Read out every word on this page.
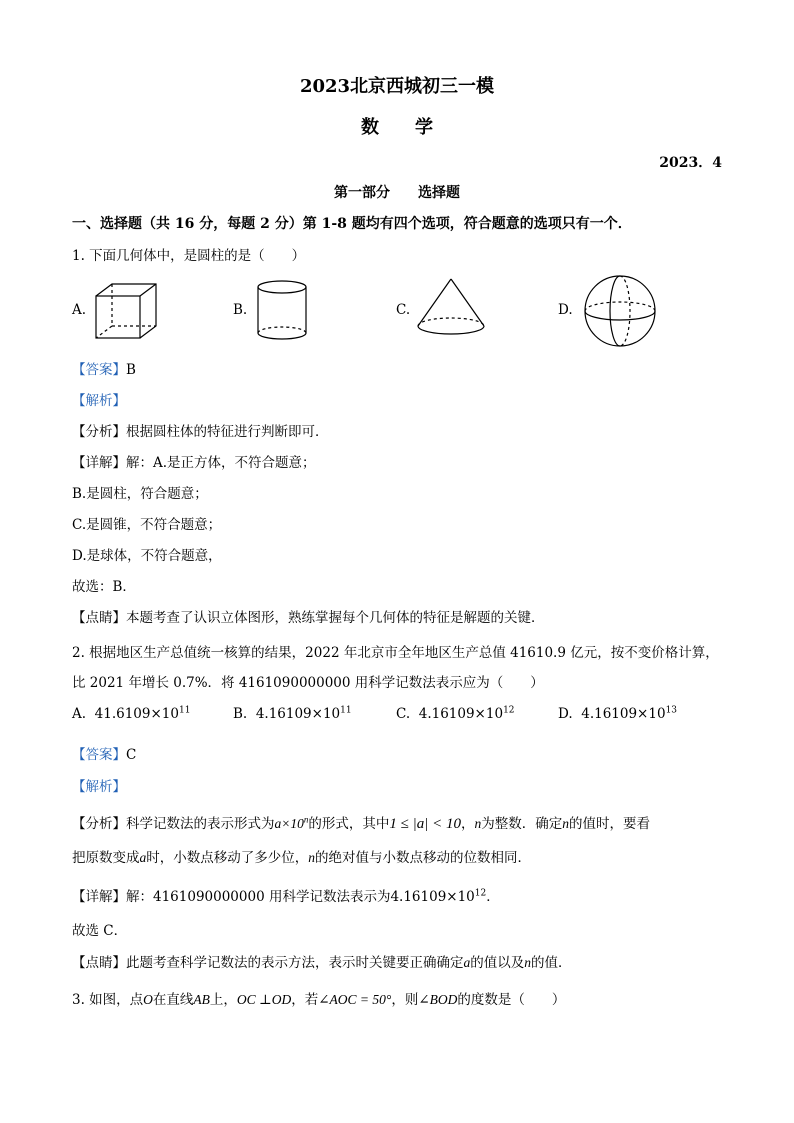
2023北京西城初三一模
数　　学
2023．4
第一部分　　选择题
一、选择题（共 16 分，每题 2 分）第 1-8 题均有四个选项，符合题意的选项只有一个．
1. 下面几何体中，是圆柱的是（　　）
A.	B.	C.	D.
【答案】B
【解析】
【分析】根据圆柱体的特征进行判断即可．
【详解】解：A.是正方体，不符合题意；
B.是圆柱，符合题意；
C.是圆锥，不符合题意；
D.是球体，不符合题意，
故选：B．
【点睛】本题考查了认识立体图形，熟练掌握每个几何体的特征是解题的关键．
2. 根据地区生产总值统一核算的结果，2022 年北京市全年地区生产总值 41610.9 亿元，按不变价格计算，
比 2021 年增长 0.7%．将 4161090000000 用科学记数法表示应为（　　）
A. $41.6109\times 10^{11}$	B. $4.16109\times 10^{11}$	C. $4.16109\times 10^{12}$	D. $4.16109\times 10^{13}$
【答案】C
【解析】
【分析】科学记数法的表示形式为$a\times 10^n$的形式，其中1 ≤ |a| < 10，n为整数．确定n的值时，要看
把原数变成a时，小数点移动了多少位，n的绝对值与小数点移动的位数相同．
【详解】解：4161090000000 用科学记数法表示为$4.16109\times 10^{12}$．
故选 C．
【点睛】此题考查科学记数法的表示方法，表示时关键要正确确定a的值以及n的值．
3. 如图，点O在直线AB上，OC ⊥OD，若∠AOC = 50°，则∠BOD的度数是（　　）
